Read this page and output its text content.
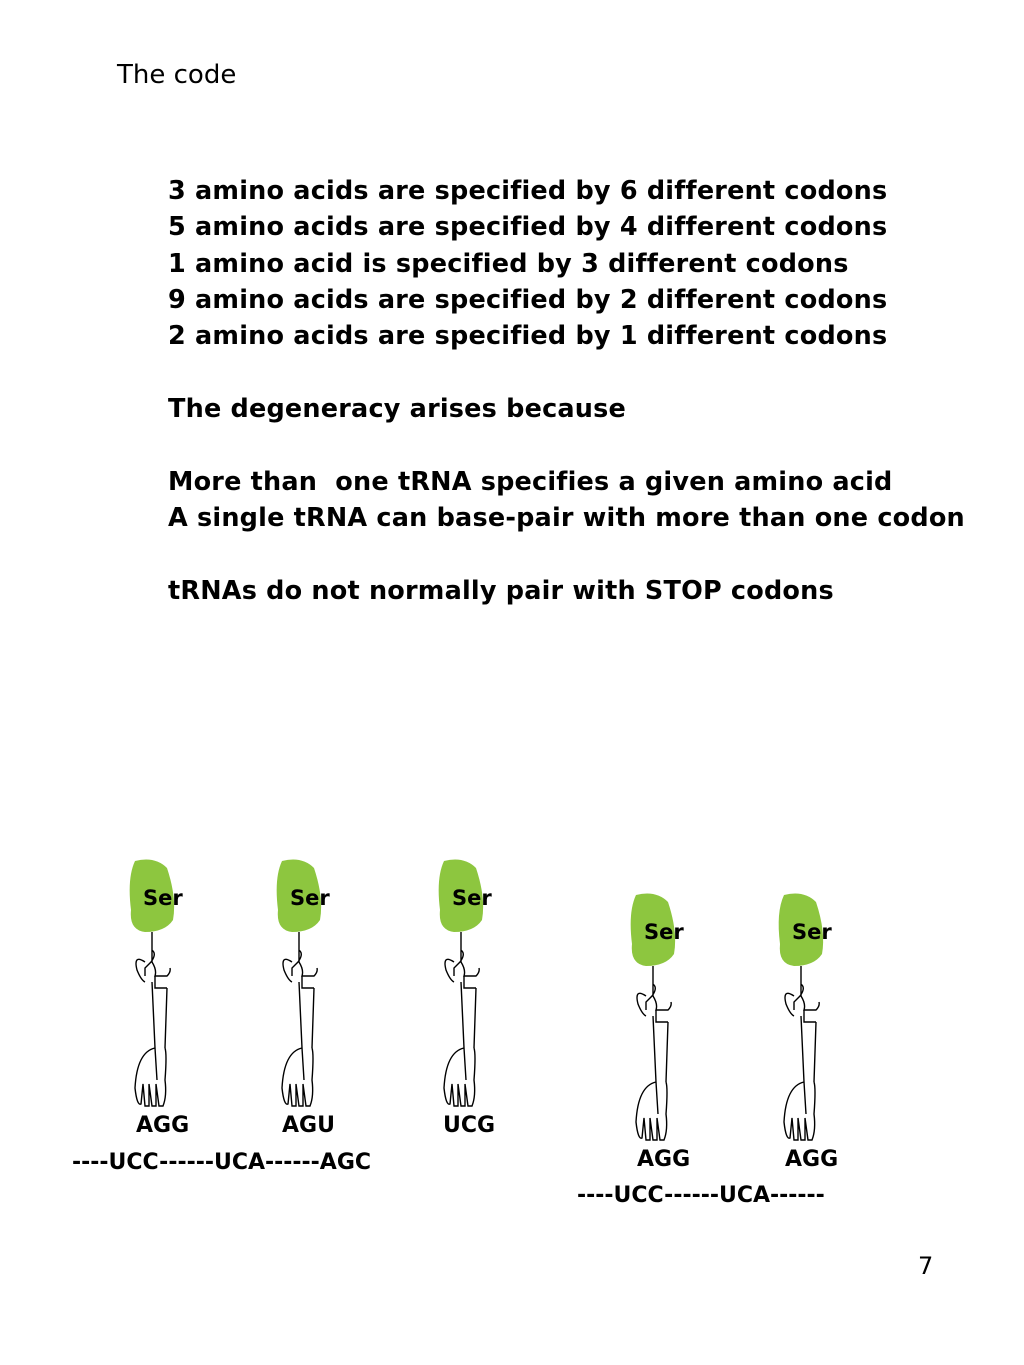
The code
3 amino acids are specified by 6 different codons
5 amino acids are specified by 4 different codons
1 amino acid is specified by 3 different codons
9 amino acids are specified by 2 different codons
2 amino acids are specified by 1 different codons
The degeneracy arises because
More than  one tRNA specifies a given amino acid
A single tRNA can base-pair with more than one codon
tRNAs do not normally pair with STOP codons
Ser	Ser	Ser
AGG	AGU	UCG
----UCC------UCA------AGC
Ser	Ser
AGG	AGG
----UCC------UCA------
7
